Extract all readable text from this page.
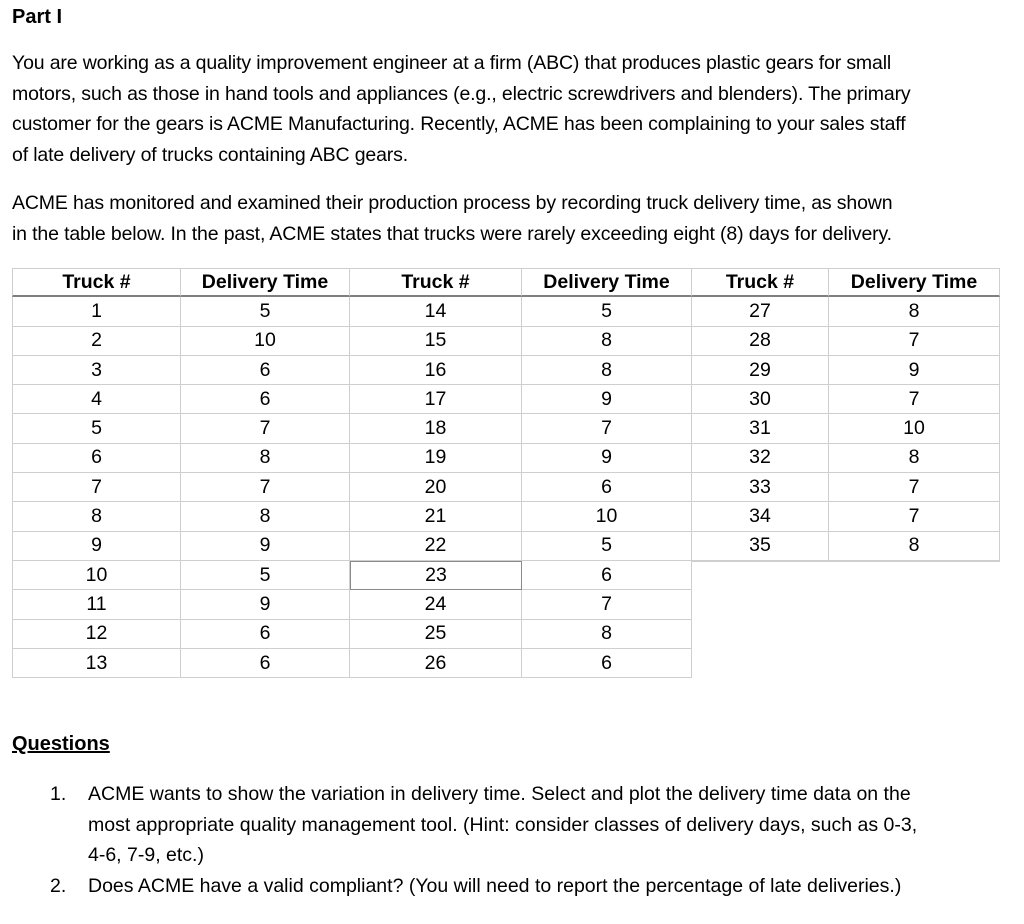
Part I
You are working as a quality improvement engineer at a firm (ABC) that produces plastic gears for small
motors, such as those in hand tools and appliances (e.g., electric screwdrivers and blenders). The primary
customer for the gears is ACME Manufacturing. Recently, ACME has been complaining to your sales staff
of late delivery of trucks containing ABC gears.
ACME has monitored and examined their production process by recording truck delivery time, as shown
in the table below. In the past, ACME states that trucks were rarely exceeding eight (8) days for delivery.
Truck #	Delivery Time	Truck #	Delivery Time	Truck #	Delivery Time
1	5	14	5	27	8
2	10	15	8	28	7
3	6	16	8	29	9
4	6	17	9	30	7
5	7	18	7	31	10
6	8	19	9	32	8
7	7	20	6	33	7
8	8	21	10	34	7
9	9	22	5	35	8
10	5	23	6
11	9	24	7
12	6	25	8
13	6	26	6
Questions
1.	ACME wants to show the variation in delivery time. Select and plot the delivery time data on the
most appropriate quality management tool. (Hint: consider classes of delivery days, such as 0-3,
4-6, 7-9, etc.)
2.	Does ACME have a valid compliant? (You will need to report the percentage of late deliveries.)
